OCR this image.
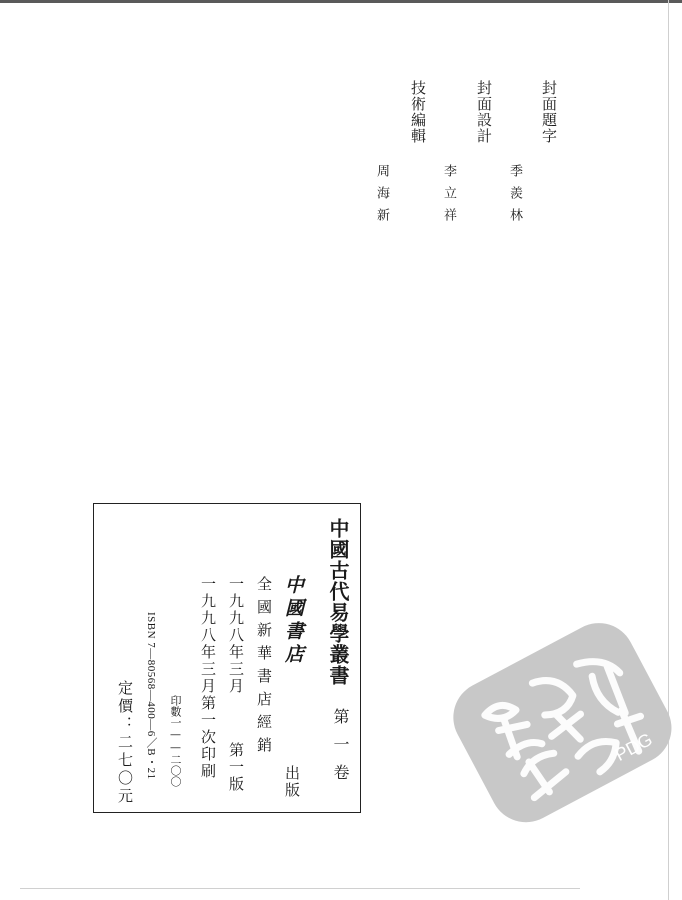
封面題字
封面設計
技術編輯
季羨林
李立祥
周海新
中國古代易學叢書
第一卷
中國書店
出版
全國新華書店經銷
一九九八年三月
第一版
一九九八年三月第一次印刷
印數一——二〇〇
ISBN 7—80568—400—6／B・21
定價：二七〇元	PDG
